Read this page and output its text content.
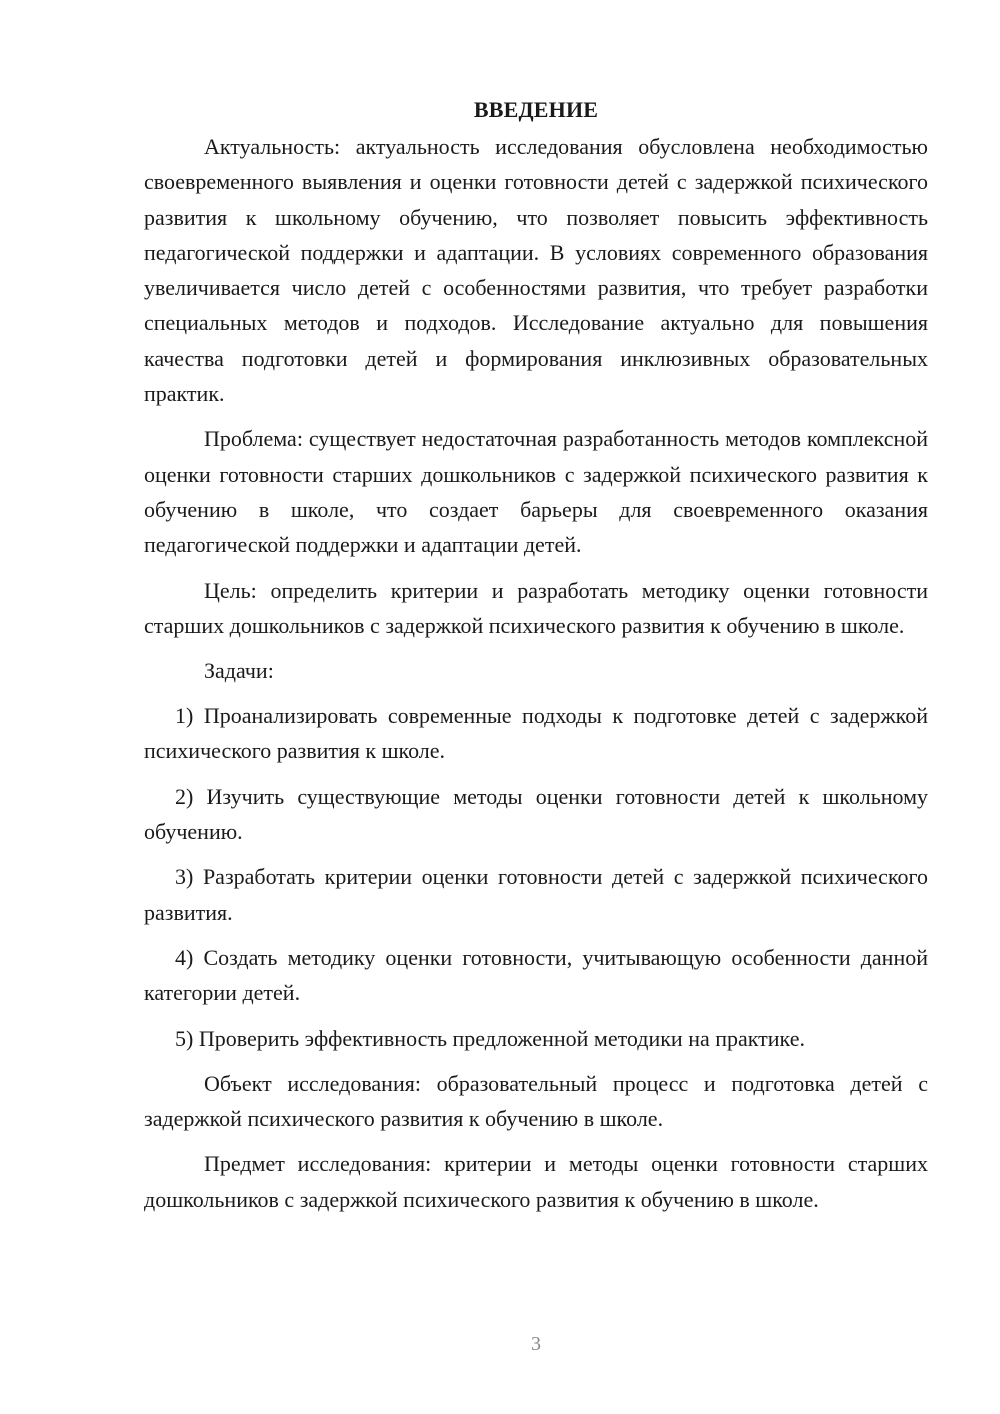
ВВЕДЕНИЕ

Актуальность: актуальность исследования обусловлена необходимостью своевременного выявления и оценки готовности детей с задержкой психического развития к школьному обучению, что позволяет повысить эффективность педагогической поддержки и адаптации. В условиях современного образования увеличивается число детей с особенностями развития, что требует разработки специальных методов и подходов. Исследование актуально для повышения качества подготовки детей и формирования инклюзивных образовательных практик.

Проблема: существует недостаточная разработанность методов комплексной оценки готовности старших дошкольников с задержкой психического развития к обучению в школе, что создает барьеры для своевременного оказания педагогической поддержки и адаптации детей.

Цель: определить критерии и разработать методику оценки готовности старших дошкольников с задержкой психического развития к обучению в школе.

Задачи:

1) Проанализировать современные подходы к подготовке детей с задержкой психического развития к школе.

2) Изучить существующие методы оценки готовности детей к школьному обучению.

3) Разработать критерии оценки готовности детей с задержкой психического развития.

4) Создать методику оценки готовности, учитывающую особенности данной категории детей.

5) Проверить эффективность предложенной методики на практике.

Объект исследования: образовательный процесс и подготовка детей с задержкой психического развития к обучению в школе.

Предмет исследования: критерии и методы оценки готовности старших дошкольников с задержкой психического развития к обучению в школе.

3
